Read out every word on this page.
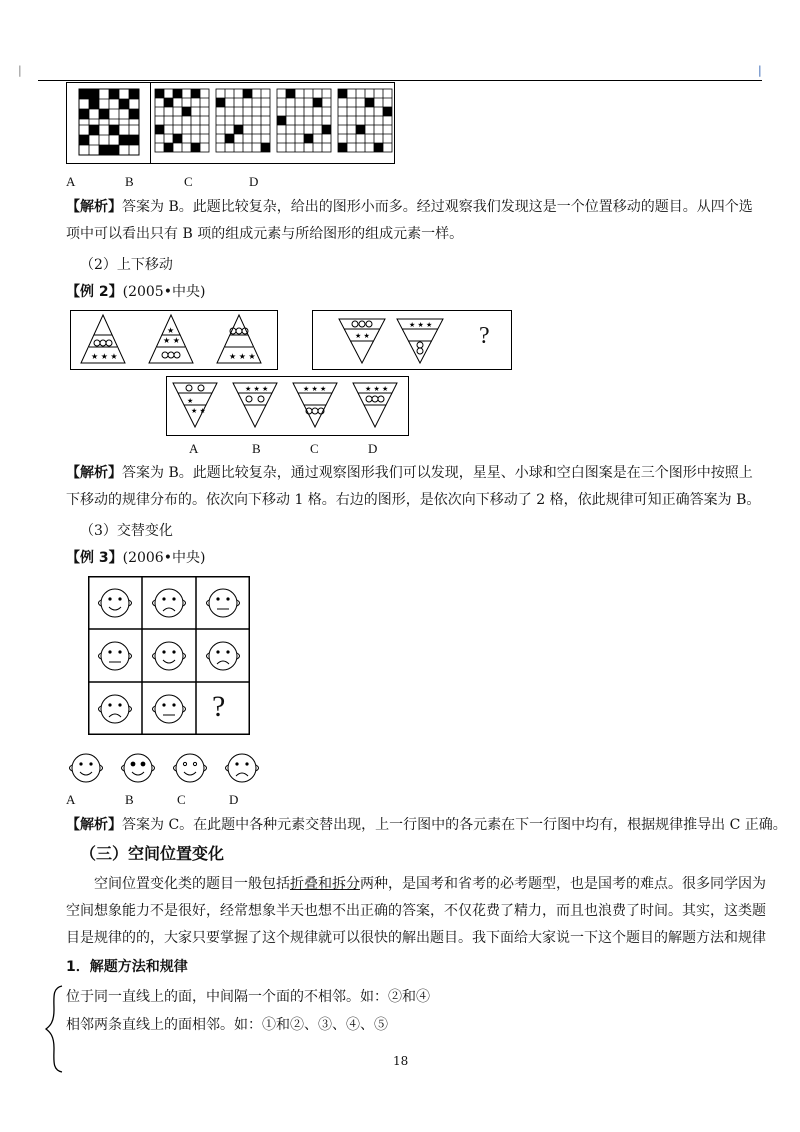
|	|
A	B	C	D
【解析】答案为 B。此题比较复杂，给出的图形小而多。经过观察我们发现这是一个位置移动的题目。从四个选项中可以看出只有 B 项的组成元素与所给图形的组成元素一样。
（2）上下移动
【例 2】(2005•中央)
★ ★ ★
★
★ ★
★ ★ ★
★ ★
★ ★ ★ ?
★
★ ★
★ ★ ★	★ ★ ★	★ ★ ★
A	B	C	D
【解析】答案为 B。此题比较复杂，通过观察图形我们可以发现，星星、小球和空白图案是在三个图形中按照上下移动的规律分布的。依次向下移动 1 格。右边的图形，是依次向下移动了 2 格，依此规律可知正确答案为 B。
（3）交替变化
【例 3】(2006•中央)
?
A	B	C	D
【解析】答案为 C。在此题中各种元素交替出现，上一行图中的各元素在下一行图中均有，根据规律推导出 C 正确。
（三）空间位置变化
空间位置变化类的题目一般包括折叠和拆分两种，是国考和省考的必考题型，也是国考的难点。很多同学因为空间想象能力不是很好，经常想象半天也想不出正确的答案，不仅花费了精力，而且也浪费了时间。其实，这类题目是规律的的，大家只要掌握了这个规律就可以很快的解出题目。我下面给大家说一下这个题目的解题方法和规律
1．解题方法和规律
位于同一直线上的面，中间隔一个面的不相邻。如：②和④
相邻两条直线上的面相邻。如：①和②、③、④、⑤
18
